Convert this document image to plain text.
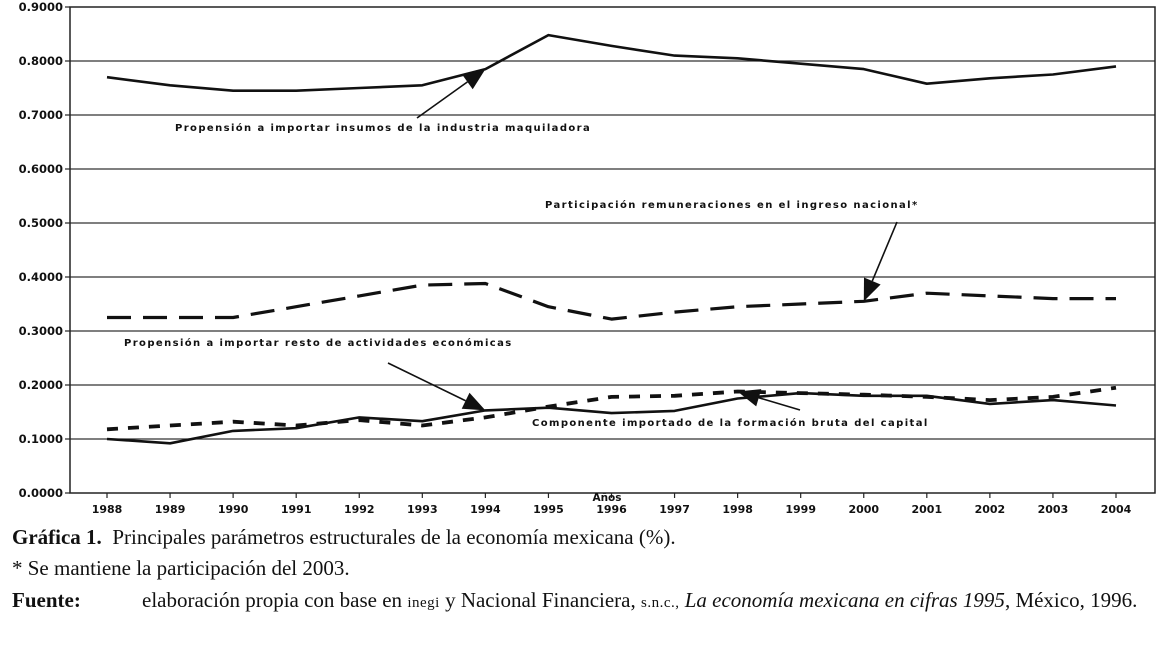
0.0000
0.1000
0.2000
0.3000
0.4000
0.5000
0.6000
0.7000
0.8000
0.9000
1988	1989	1990	1991	1992	1993	1994	1995	1996	1997	1998	1999	2000	2001	2002	2003	2004
Años
Propensión a importar insumos de la industria maquiladora
Participación remuneraciones en el ingreso nacional*
Propensión a importar resto de actividades económicas
Componente importado de la formación bruta del capital
Gráfica 1. Principales parámetros estructurales de la economía mexicana (%).
* Se mantiene la participación del 2003.
Fuente:	elaboración propia con base en inegi y Nacional Financiera, s.n.c., La economía mexicana en cifras 1995, México, 1996.
